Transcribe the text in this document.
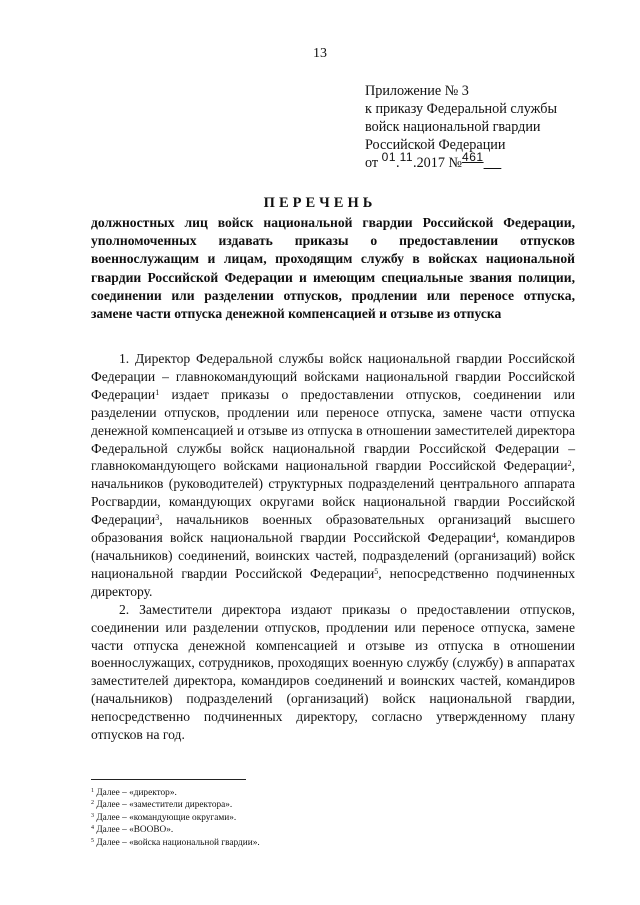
13
Приложение № 3
к приказу Федеральной службы
войск национальной гвардии
Российской Федерации
от $^{01}$.$^{11}$.2017 №$^{461}$
ПЕРЕЧЕНЬ
должностных лиц войск национальной гвардии Российской Федерации, уполномоченных издавать приказы о предоставлении отпусков военнослужащим и лицам, проходящим службу в войсках национальной гвардии Российской Федерации и имеющим специальные звания полиции, соединении или разделении отпусков, продлении или переносе отпуска, замене части отпуска денежной компенсацией и отзыве из отпуска

1. Директор Федеральной службы войск национальной гвардии Российской Федерации – главнокомандующий войсками национальной гвардии Российской Федерации$^1$ издает приказы о предоставлении отпусков, соединении или разделении отпусков, продлении или переносе отпуска, замене части отпуска денежной компенсацией и отзыве из отпуска в отношении заместителей директора Федеральной службы войск национальной гвардии Российской Федерации – главнокомандующего войсками национальной гвардии Российской Федерации$^2$, начальников (руководителей) структурных подразделений центрального аппарата Росгвардии, командующих округами войск национальной гвардии Российской Федерации$^3$, начальников военных образовательных организаций высшего образования войск национальной гвардии Российской Федерации$^4$, командиров (начальников) соединений, воинских частей, подразделений (организаций) войск национальной гвардии Российской Федерации$^5$, непосредственно подчиненных директору.

2. Заместители директора издают приказы о предоставлении отпусков, соединении или разделении отпусков, продлении или переносе отпуска, замене части отпуска денежной компенсацией и отзыве из отпуска в отношении военнослужащих, сотрудников, проходящих военную службу (службу) в аппаратах заместителей директора, командиров соединений и воинских частей, командиров (начальников) подразделений (организаций) войск национальной гвардии, непосредственно подчиненных директору, согласно утвержденному плану отпусков на год.

$^1$ Далее – «директор».
$^2$ Далее – «заместители директора».
$^3$ Далее – «командующие округами».
$^4$ Далее – «ВООВО».
$^5$ Далее – «войска национальной гвардии».
